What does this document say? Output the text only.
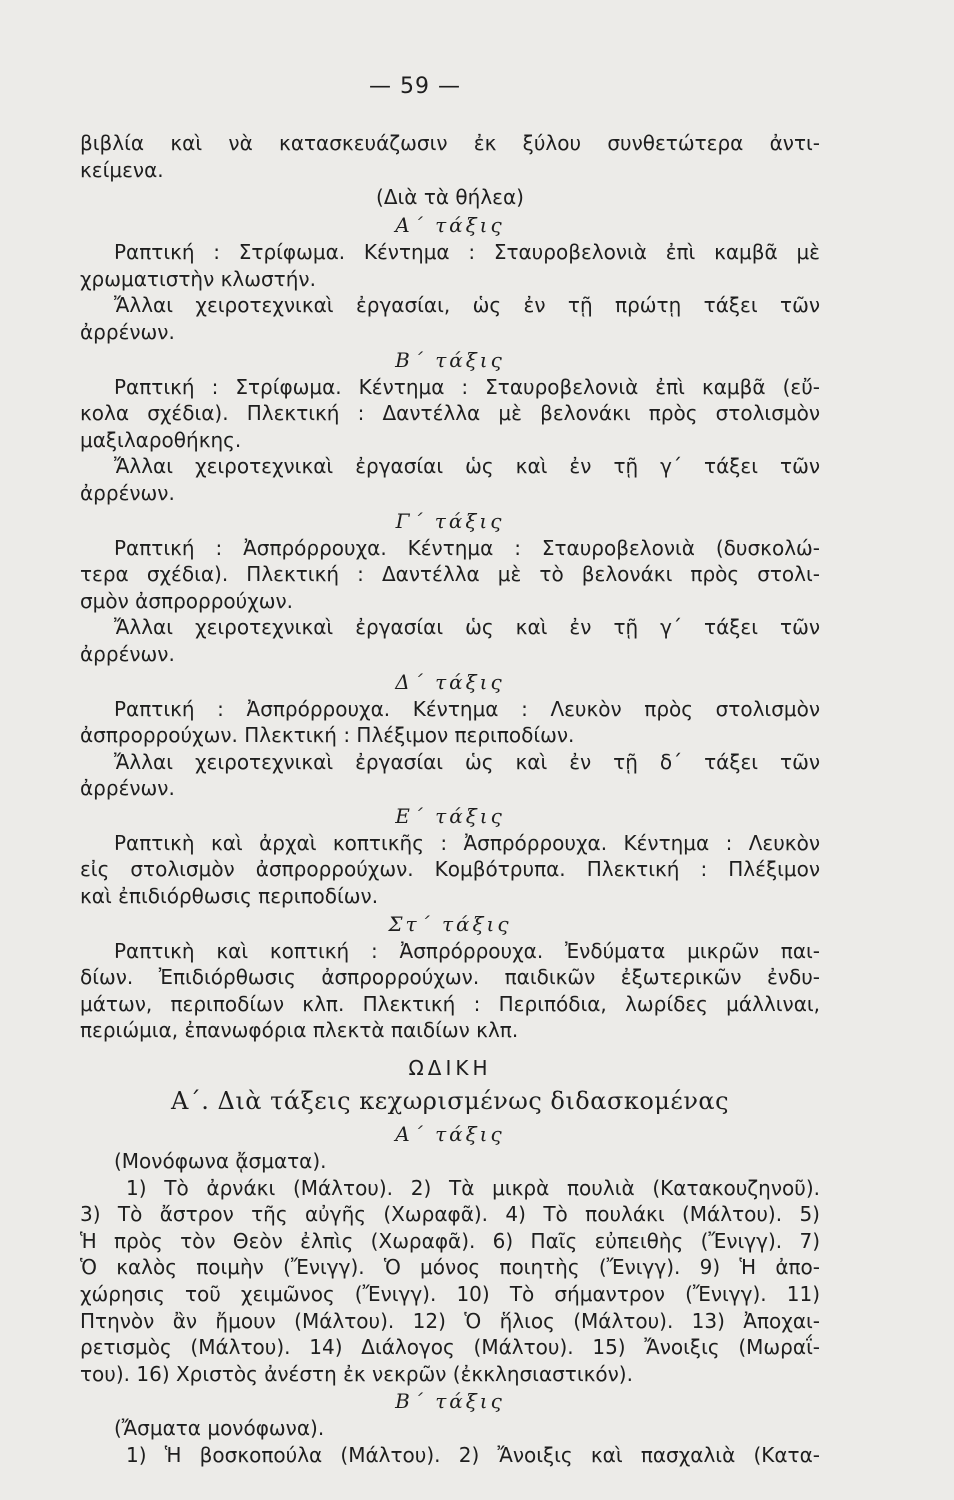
— 59 —
βιβλία καὶ νὰ κατασκευάζωσιν ἐκ ξύλου συνθετώτερα ἀντι-
κείμενα.
(Διὰ τὰ θήλεα)
Α΄ τάξις
Ραπτική : Στρίφωμα. Κέντημα : Σταυροβελονιὰ ἐπὶ καμβᾶ μὲ
χρωματιστὴν κλωστήν.
Ἄλλαι χειροτεχνικαὶ ἐργασίαι, ὡς ἐν τῇ πρώτῃ τάξει τῶν
ἀρρένων.
Β΄ τάξις
Ραπτική : Στρίφωμα. Κέντημα : Σταυροβελονιὰ ἐπὶ καμβᾶ (εὔ-
κολα σχέδια). Πλεκτική : Δαντέλλα μὲ βελονάκι πρὸς στολισμὸν
μαξιλαροθήκης.
Ἄλλαι χειροτεχνικαὶ ἐργασίαι ὡς καὶ ἐν τῇ γ΄ τάξει τῶν
ἀρρένων.
Γ΄ τάξις
Ραπτική : Ἀσπρόρρουχα. Κέντημα : Σταυροβελονιὰ (δυσκολώ-
τερα σχέδια). Πλεκτική : Δαντέλλα μὲ τὸ βελονάκι πρὸς στολι-
σμὸν ἀσπρορρούχων.
Ἄλλαι χειροτεχνικαὶ ἐργασίαι ὡς καὶ ἐν τῇ γ΄ τάξει τῶν
ἀρρένων.
Δ΄ τάξις
Ραπτική : Ἀσπρόρρουχα. Κέντημα : Λευκὸν πρὸς στολισμὸν
ἀσπρορρούχων. Πλεκτική : Πλέξιμον περιποδίων.
Ἄλλαι χειροτεχνικαὶ ἐργασίαι ὡς καὶ ἐν τῇ δ΄ τάξει τῶν
ἀρρένων.
Ε΄ τάξις
Ραπτικὴ καὶ ἀρχαὶ κοπτικῆς : Ἀσπρόρρουχα. Κέντημα : Λευκὸν
εἰς στολισμὸν ἀσπρορρούχων. Κομβότρυπα. Πλεκτική : Πλέξιμον
καὶ ἐπιδιόρθωσις περιποδίων.
Στ΄ τάξις
Ραπτικὴ καὶ κοπτική : Ἀσπρόρρουχα. Ἐνδύματα μικρῶν παι-
δίων. Ἐπιδιόρθωσις ἀσπρορρούχων. παιδικῶν ἐξωτερικῶν ἐνδυ-
μάτων, περιποδίων κλπ. Πλεκτική : Περιπόδια, λωρίδες μάλλιναι,
περιώμια, ἐπανωφόρια πλεκτὰ παιδίων κλπ.
ΩΔΙΚΗ
Α΄. Διὰ τάξεις κεχωρισμένως διδασκομένας
Α΄ τάξις
(Μονόφωνα ᾄσματα).
1) Τὸ ἀρνάκι (Μάλτου). 2) Τὰ μικρὰ πουλιὰ (Κατακουζηνοῦ).
3) Τὸ ἄστρον τῆς αὐγῆς (Χωραφᾶ). 4) Τὸ πουλάκι (Μάλτου). 5)
Ἡ πρὸς τὸν Θεὸν ἐλπὶς (Χωραφᾶ). 6) Παῖς εὐπειθὴς (Ἔνιγγ). 7)
Ὁ καλὸς ποιμὴν (Ἔνιγγ). Ὁ μόνος ποιητὴς (Ἔνιγγ). 9) Ἡ ἀπο-
χώρησις τοῦ χειμῶνος (Ἔνιγγ). 10) Τὸ σήμαντρον (Ἔνιγγ). 11)
Πτηνὸν ἂν ἤμουν (Μάλτου). 12) Ὁ ἥλιος (Μάλτου). 13) Ἀποχαι-
ρετισμὸς (Μάλτου). 14) Διάλογος (Μάλτου). 15) Ἄνοιξις (Μωραΐ-
του). 16) Χριστὸς ἀνέστη ἐκ νεκρῶν (ἐκκλησιαστικόν).
Β΄ τάξις
(Ἄσματα μονόφωνα).
1) Ἡ βοσκοπούλα (Μάλτου). 2) Ἄνοιξις καὶ πασχαλιὰ (Κατα-
